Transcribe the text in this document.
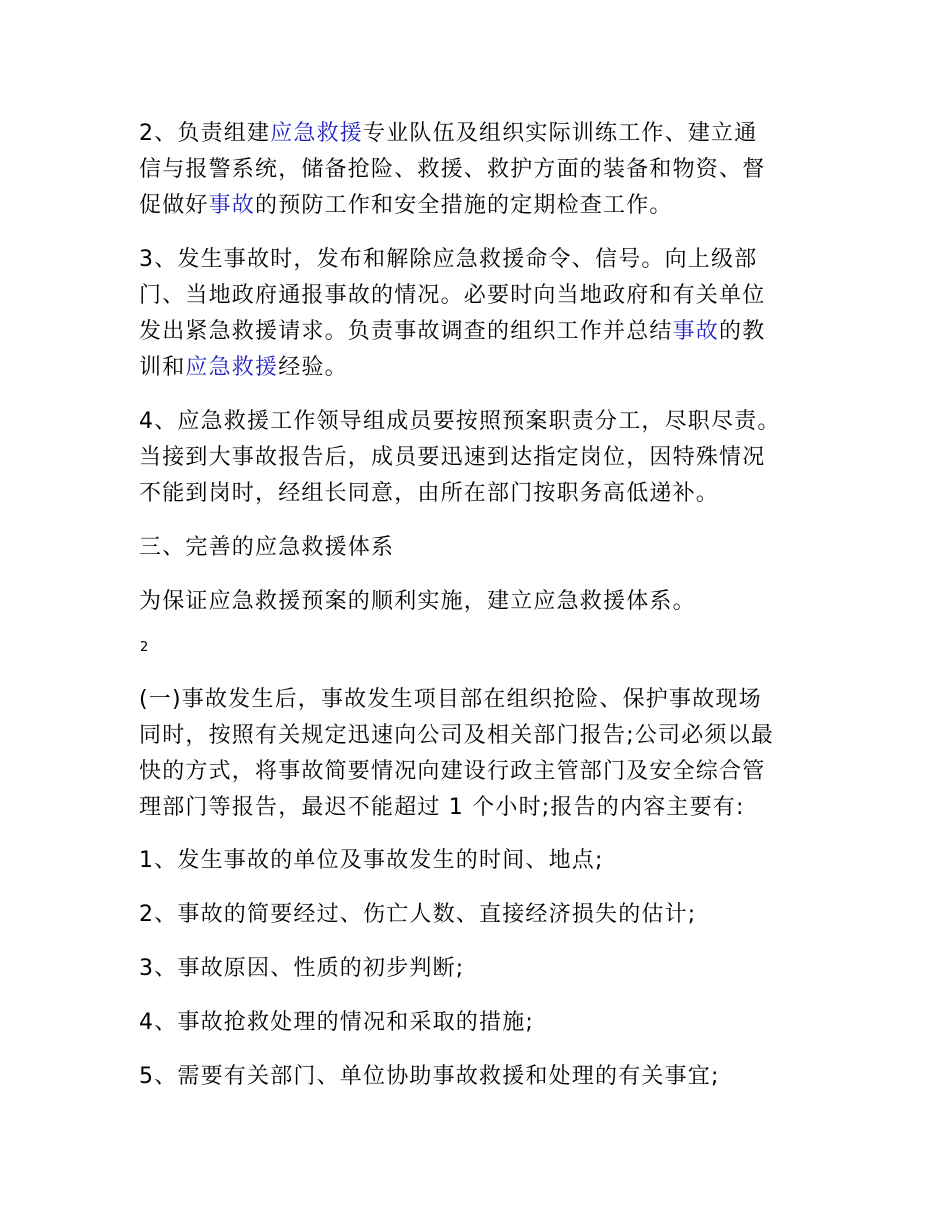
2、负责组建应急救援专业队伍及组织实际训练工作、建立通
信与报警系统，储备抢险、救援、救护方面的装备和物资、督
促做好事故的预防工作和安全措施的定期检查工作。
3、发生事故时，发布和解除应急救援命令、信号。向上级部
门、当地政府通报事故的情况。必要时向当地政府和有关单位
发出紧急救援请求。负责事故调查的组织工作并总结事故的教
训和应急救援经验。
4、应急救援工作领导组成员要按照预案职责分工，尽职尽责。
当接到大事故报告后，成员要迅速到达指定岗位，因特殊情况
不能到岗时，经组长同意，由所在部门按职务高低递补。
三、完善的应急救援体系
为保证应急救援预案的顺利实施，建立应急救援体系。
2
(一)事故发生后，事故发生项目部在组织抢险、保护事故现场
同时，按照有关规定迅速向公司及相关部门报告;公司必须以最
快的方式，将事故简要情况向建设行政主管部门及安全综合管
理部门等报告，最迟不能超过 1 个小时;报告的内容主要有:
1、发生事故的单位及事故发生的时间、地点;
2、事故的简要经过、伤亡人数、直接经济损失的估计;
3、事故原因、性质的初步判断;
4、事故抢救处理的情况和采取的措施;
5、需要有关部门、单位协助事故救援和处理的有关事宜;
